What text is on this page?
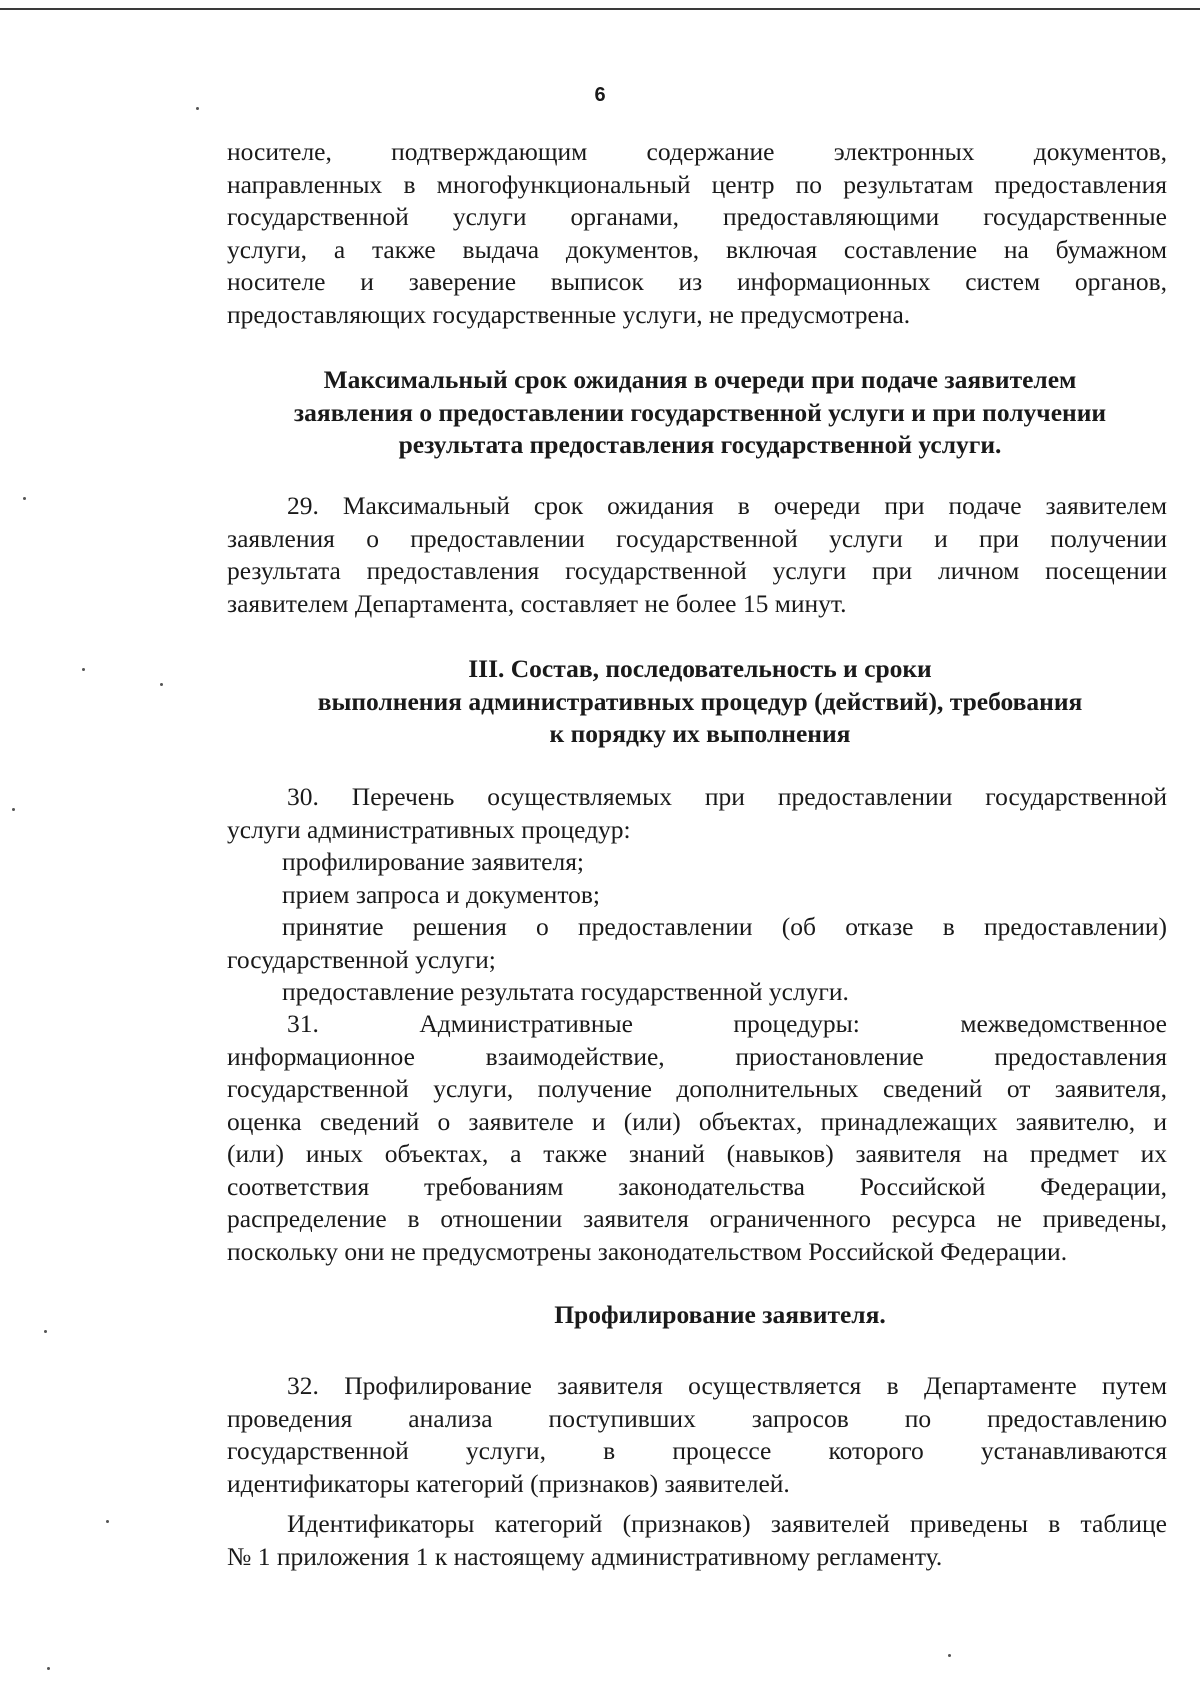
6
носителе, подтверждающим содержание электронных документов,
направленных в многофункциональный центр по результатам предоставления
государственной услуги органами, предоставляющими государственные
услуги, а также выдача документов, включая составление на бумажном
носителе и заверение выписок из информационных систем органов,
предоставляющих государственные услуги, не предусмотрена.
Максимальный срок ожидания в очереди при подаче заявителем
заявления о предоставлении государственной услуги и при получении
результата предоставления государственной услуги.
29. Максимальный срок ожидания в очереди при подаче заявителем
заявления о предоставлении государственной услуги и при получении
результата предоставления государственной услуги при личном посещении
заявителем Департамента, составляет не более 15 минут.
III. Состав, последовательность и сроки
выполнения административных процедур (действий), требования
к порядку их выполнения
30. Перечень осуществляемых при предоставлении государственной
услуги административных процедур:
профилирование заявителя;
прием запроса и документов;
принятие решения о предоставлении (об отказе в предоставлении)
государственной услуги;
предоставление результата государственной услуги.
31. Административные процедуры: межведомственное
информационное взаимодействие, приостановление предоставления
государственной услуги, получение дополнительных сведений от заявителя,
оценка сведений о заявителе и (или) объектах, принадлежащих заявителю, и
(или) иных объектах, а также знаний (навыков) заявителя на предмет их
соответствия требованиям законодательства Российской Федерации,
распределение в отношении заявителя ограниченного ресурса не приведены,
поскольку они не предусмотрены законодательством Российской Федерации.
Профилирование заявителя.
32. Профилирование заявителя осуществляется в Департаменте путем
проведения анализа поступивших запросов по предоставлению
государственной услуги, в процессе которого устанавливаются
идентификаторы категорий (признаков) заявителей.
Идентификаторы категорий (признаков) заявителей приведены в таблице
№ 1 приложения 1 к настоящему административному регламенту.
